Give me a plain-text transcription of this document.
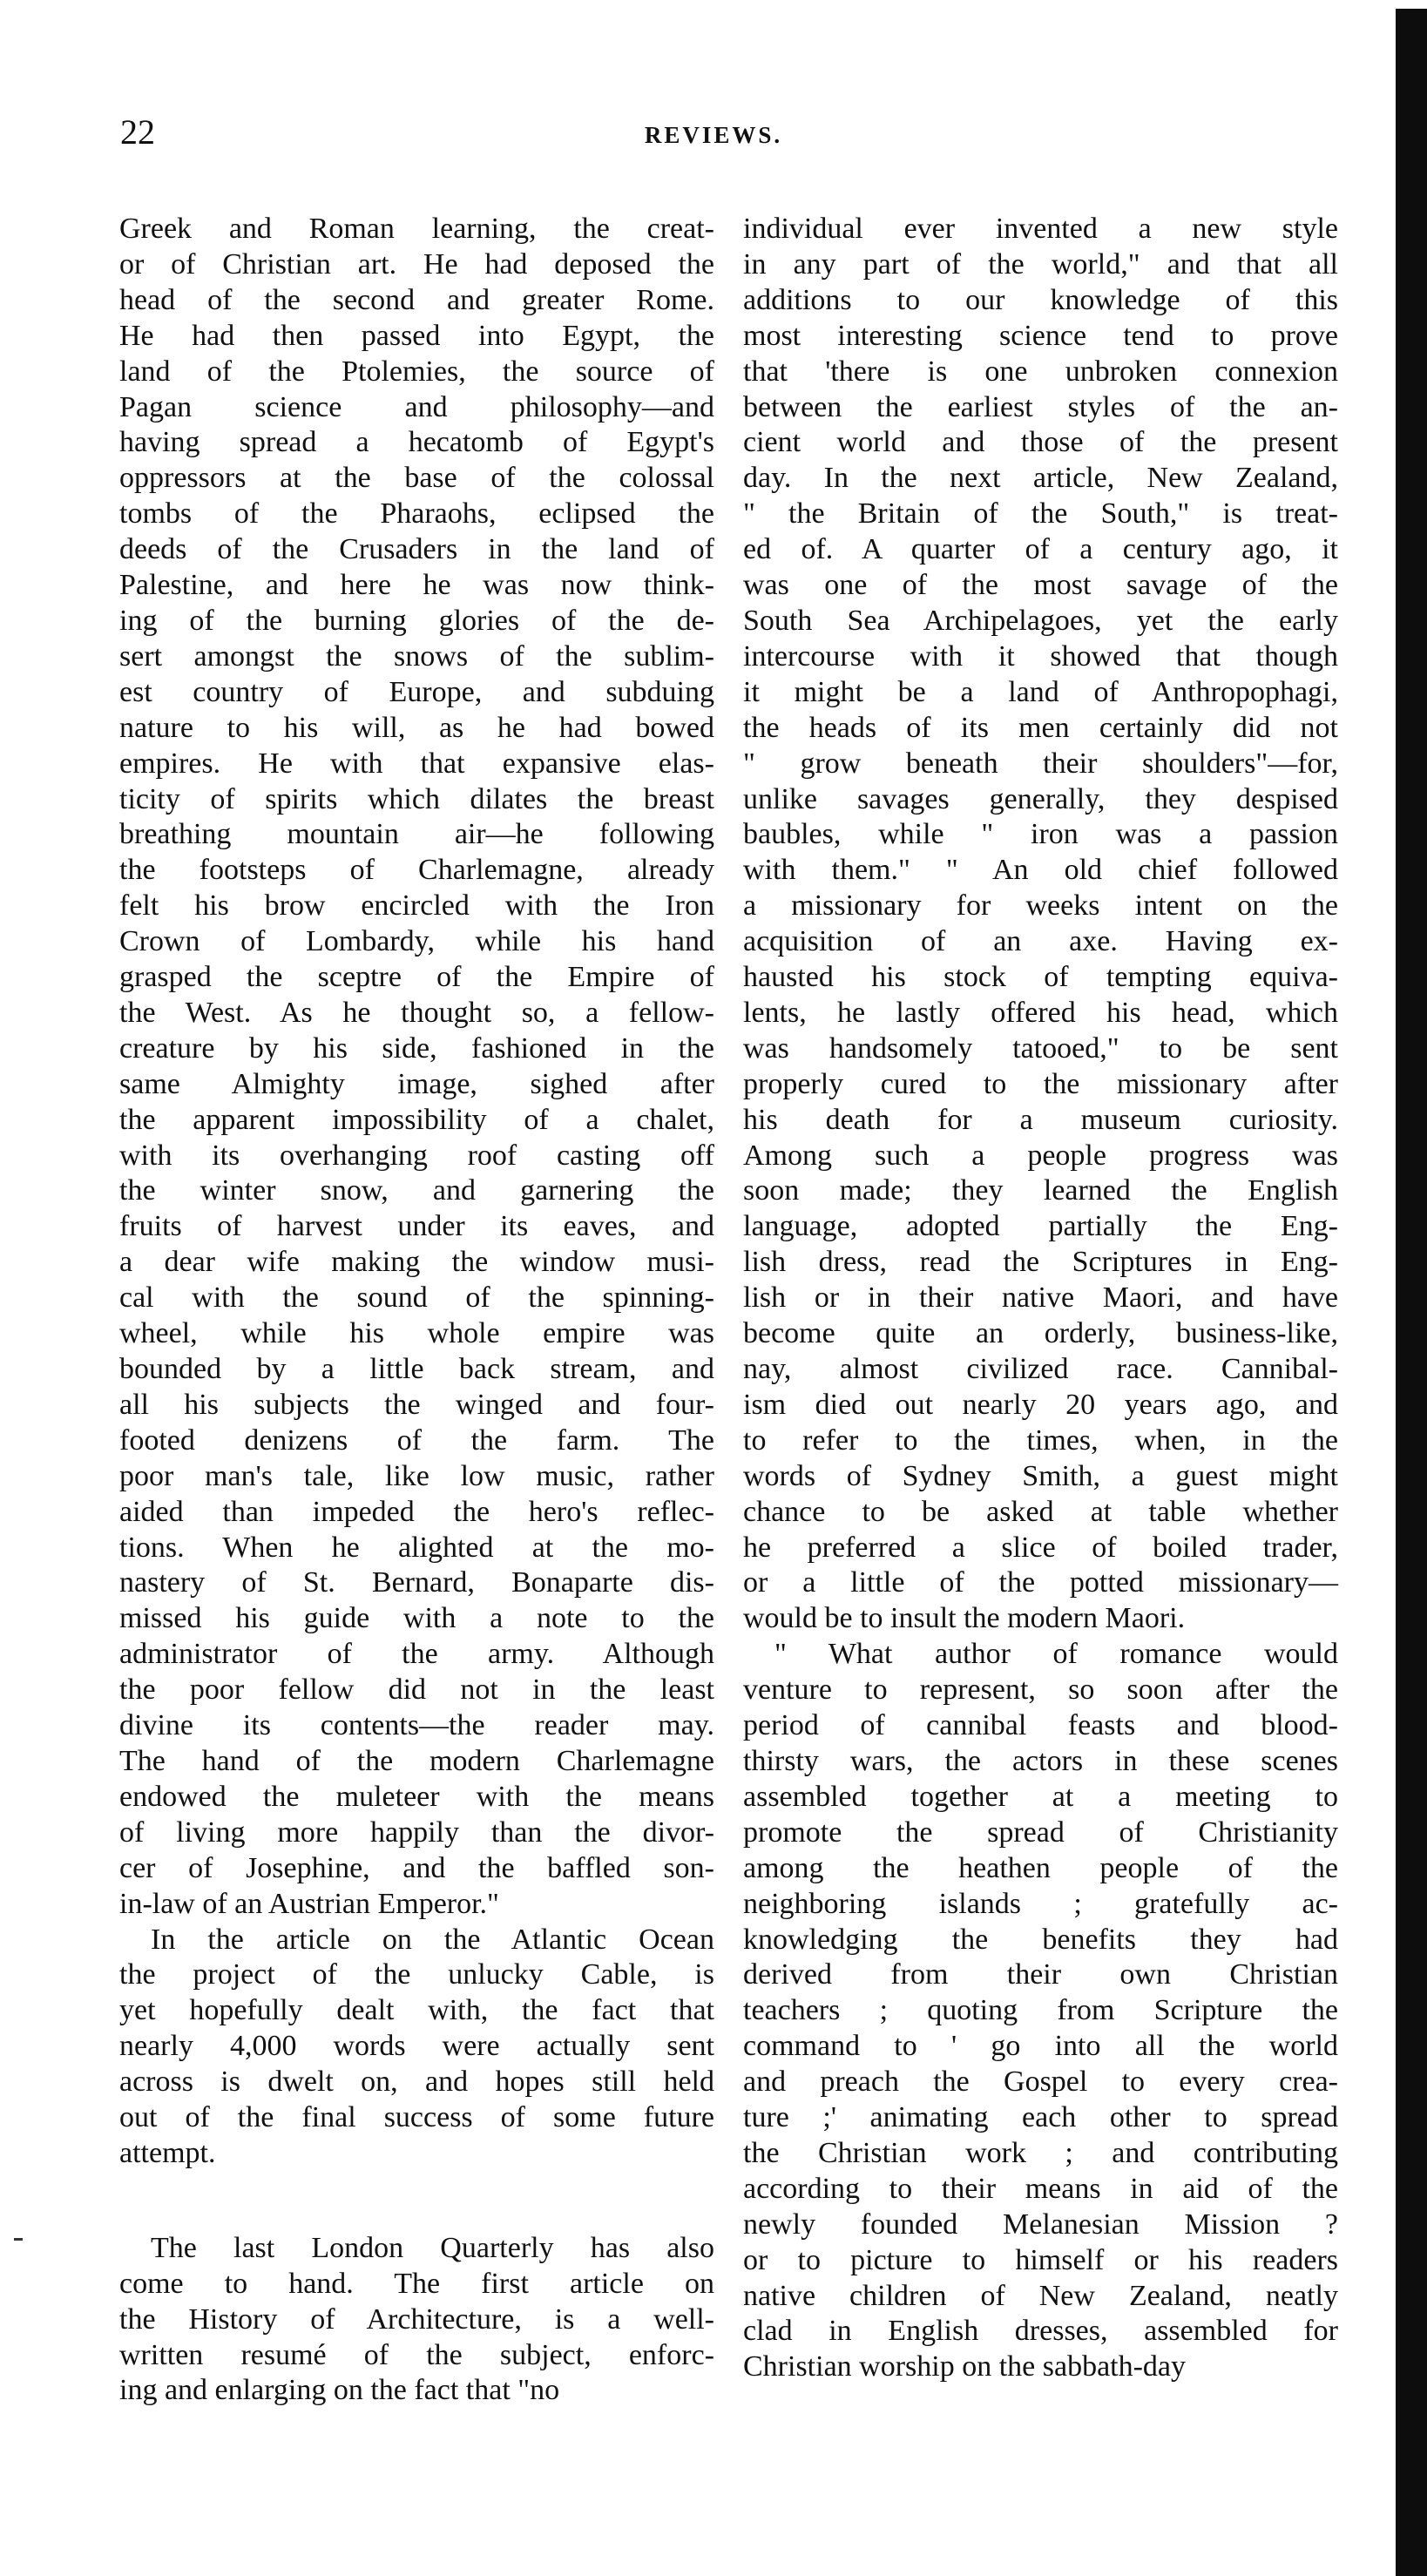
22	REVIEWS.

Greek and Roman learning, the creat-
or of Christian art. He had deposed the
head of the second and greater Rome.
He had then passed into Egypt, the
land of the Ptolemies, the source of
Pagan science and philosophy—and
having spread a hecatomb of Egypt's
oppressors at the base of the colossal
tombs of the Pharaohs, eclipsed the
deeds of the Crusaders in the land of
Palestine, and here he was now think-
ing of the burning glories of the de-
sert amongst the snows of the sublim-
est country of Europe, and subduing
nature to his will, as he had bowed
empires. He with that expansive elas-
ticity of spirits which dilates the breast
breathing mountain air—he following
the footsteps of Charlemagne, already
felt his brow encircled with the Iron
Crown of Lombardy, while his hand
grasped the sceptre of the Empire of
the West. As he thought so, a fellow-
creature by his side, fashioned in the
same Almighty image, sighed after
the apparent impossibility of a chalet,
with its overhanging roof casting off
the winter snow, and garnering the
fruits of harvest under its eaves, and
a dear wife making the window musi-
cal with the sound of the spinning-
wheel, while his whole empire was
bounded by a little back stream, and
all his subjects the winged and four-
footed denizens of the farm. The
poor man's tale, like low music, rather
aided than impeded the hero's reflec-
tions. When he alighted at the mo-
nastery of St. Bernard, Bonaparte dis-
missed his guide with a note to the
administrator of the army. Although
the poor fellow did not in the least
divine its contents—the reader may.
The hand of the modern Charlemagne
endowed the muleteer with the means
of living more happily than the divor-
cer of Josephine, and the baffled son-
in-law of an Austrian Emperor."

In the article on the Atlantic Ocean
the project of the unlucky Cable, is
yet hopefully dealt with, the fact that
nearly 4,000 words were actually sent
across is dwelt on, and hopes still held
out of the final success of some future
attempt.

The last London Quarterly has also
come to hand. The first article on
the History of Architecture, is a well-
written resumé of the subject, enforc-
ing and enlarging on the fact that "no

individual ever invented a new style
in any part of the world," and that all
additions to our knowledge of this
most interesting science tend to prove
that 'there is one unbroken connexion
between the earliest styles of the an-
cient world and those of the present
day. In the next article, New Zealand,
" the Britain of the South," is treat-
ed of. A quarter of a century ago, it
was one of the most savage of the
South Sea Archipelagoes, yet the early
intercourse with it showed that though
it might be a land of Anthropophagi,
the heads of its men certainly did not
" grow beneath their shoulders"—for,
unlike savages generally, they despised
baubles, while " iron was a passion
with them." " An old chief followed
a missionary for weeks intent on the
acquisition of an axe. Having ex-
hausted his stock of tempting equiva-
lents, he lastly offered his head, which
was handsomely tatooed," to be sent
properly cured to the missionary after
his death for a museum curiosity.
Among such a people progress was
soon made; they learned the English
language, adopted partially the Eng-
lish dress, read the Scriptures in Eng-
lish or in their native Maori, and have
become quite an orderly, business-like,
nay, almost civilized race. Cannibal-
ism died out nearly 20 years ago, and
to refer to the times, when, in the
words of Sydney Smith, a guest might
chance to be asked at table whether
he preferred a slice of boiled trader,
or a little of the potted missionary—
would be to insult the modern Maori.

" What author of romance would
venture to represent, so soon after the
period of cannibal feasts and blood-
thirsty wars, the actors in these scenes
assembled together at a meeting to
promote the spread of Christianity
among the heathen people of the
neighboring islands ; gratefully ac-
knowledging the benefits they had
derived from their own Christian
teachers ; quoting from Scripture the
command to ' go into all the world
and preach the Gospel to every crea-
ture ;' animating each other to spread
the Christian work ; and contributing
according to their means in aid of the
newly founded Melanesian Mission ?
or to picture to himself or his readers
native children of New Zealand, neatly
clad in English dresses, assembled for
Christian worship on the sabbath-day
